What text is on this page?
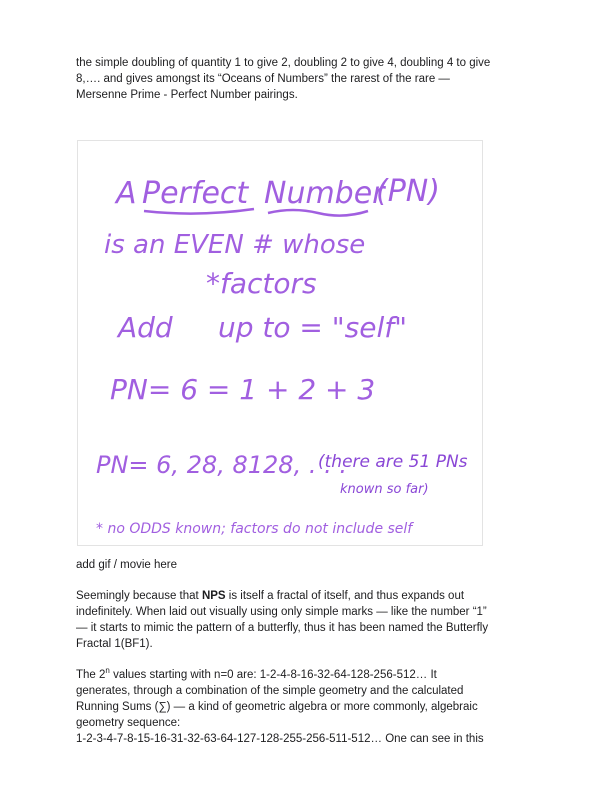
the simple doubling of quantity 1 to give 2, doubling 2 to give 4, doubling 4 to give
8,…. and gives amongst its “Oceans of Numbers” the rarest of the rare —
Mersenne Prime - Perfect Number pairings.

A Perfect Number
(PN)
is an EVEN # whose
*factors
Add up to = "self"
PN= 6 = 1 + 2 + 3
PN= 6, 28, 8128, . . .
(there are 51 PNs
known so far)
* no ODDS known; factors do not include self

add gif / movie here

Seemingly because that NPS is itself a fractal of itself, and thus expands out
indefinitely. When laid out visually using only simple marks — like the number “1”
— it starts to mimic the pattern of a butterfly, thus it has been named the Butterfly
Fractal 1(BF1).

The 2$^n$ values starting with n=0 are: 1-2-4-8-16-32-64-128-256-512… It
generates, through a combination of the simple geometry and the calculated
Running Sums (∑) — a kind of geometric algebra or more commonly, algebraic
geometry sequence:
1-2-3-4-7-8-15-16-31-32-63-64-127-128-255-256-511-512… One can see in this
